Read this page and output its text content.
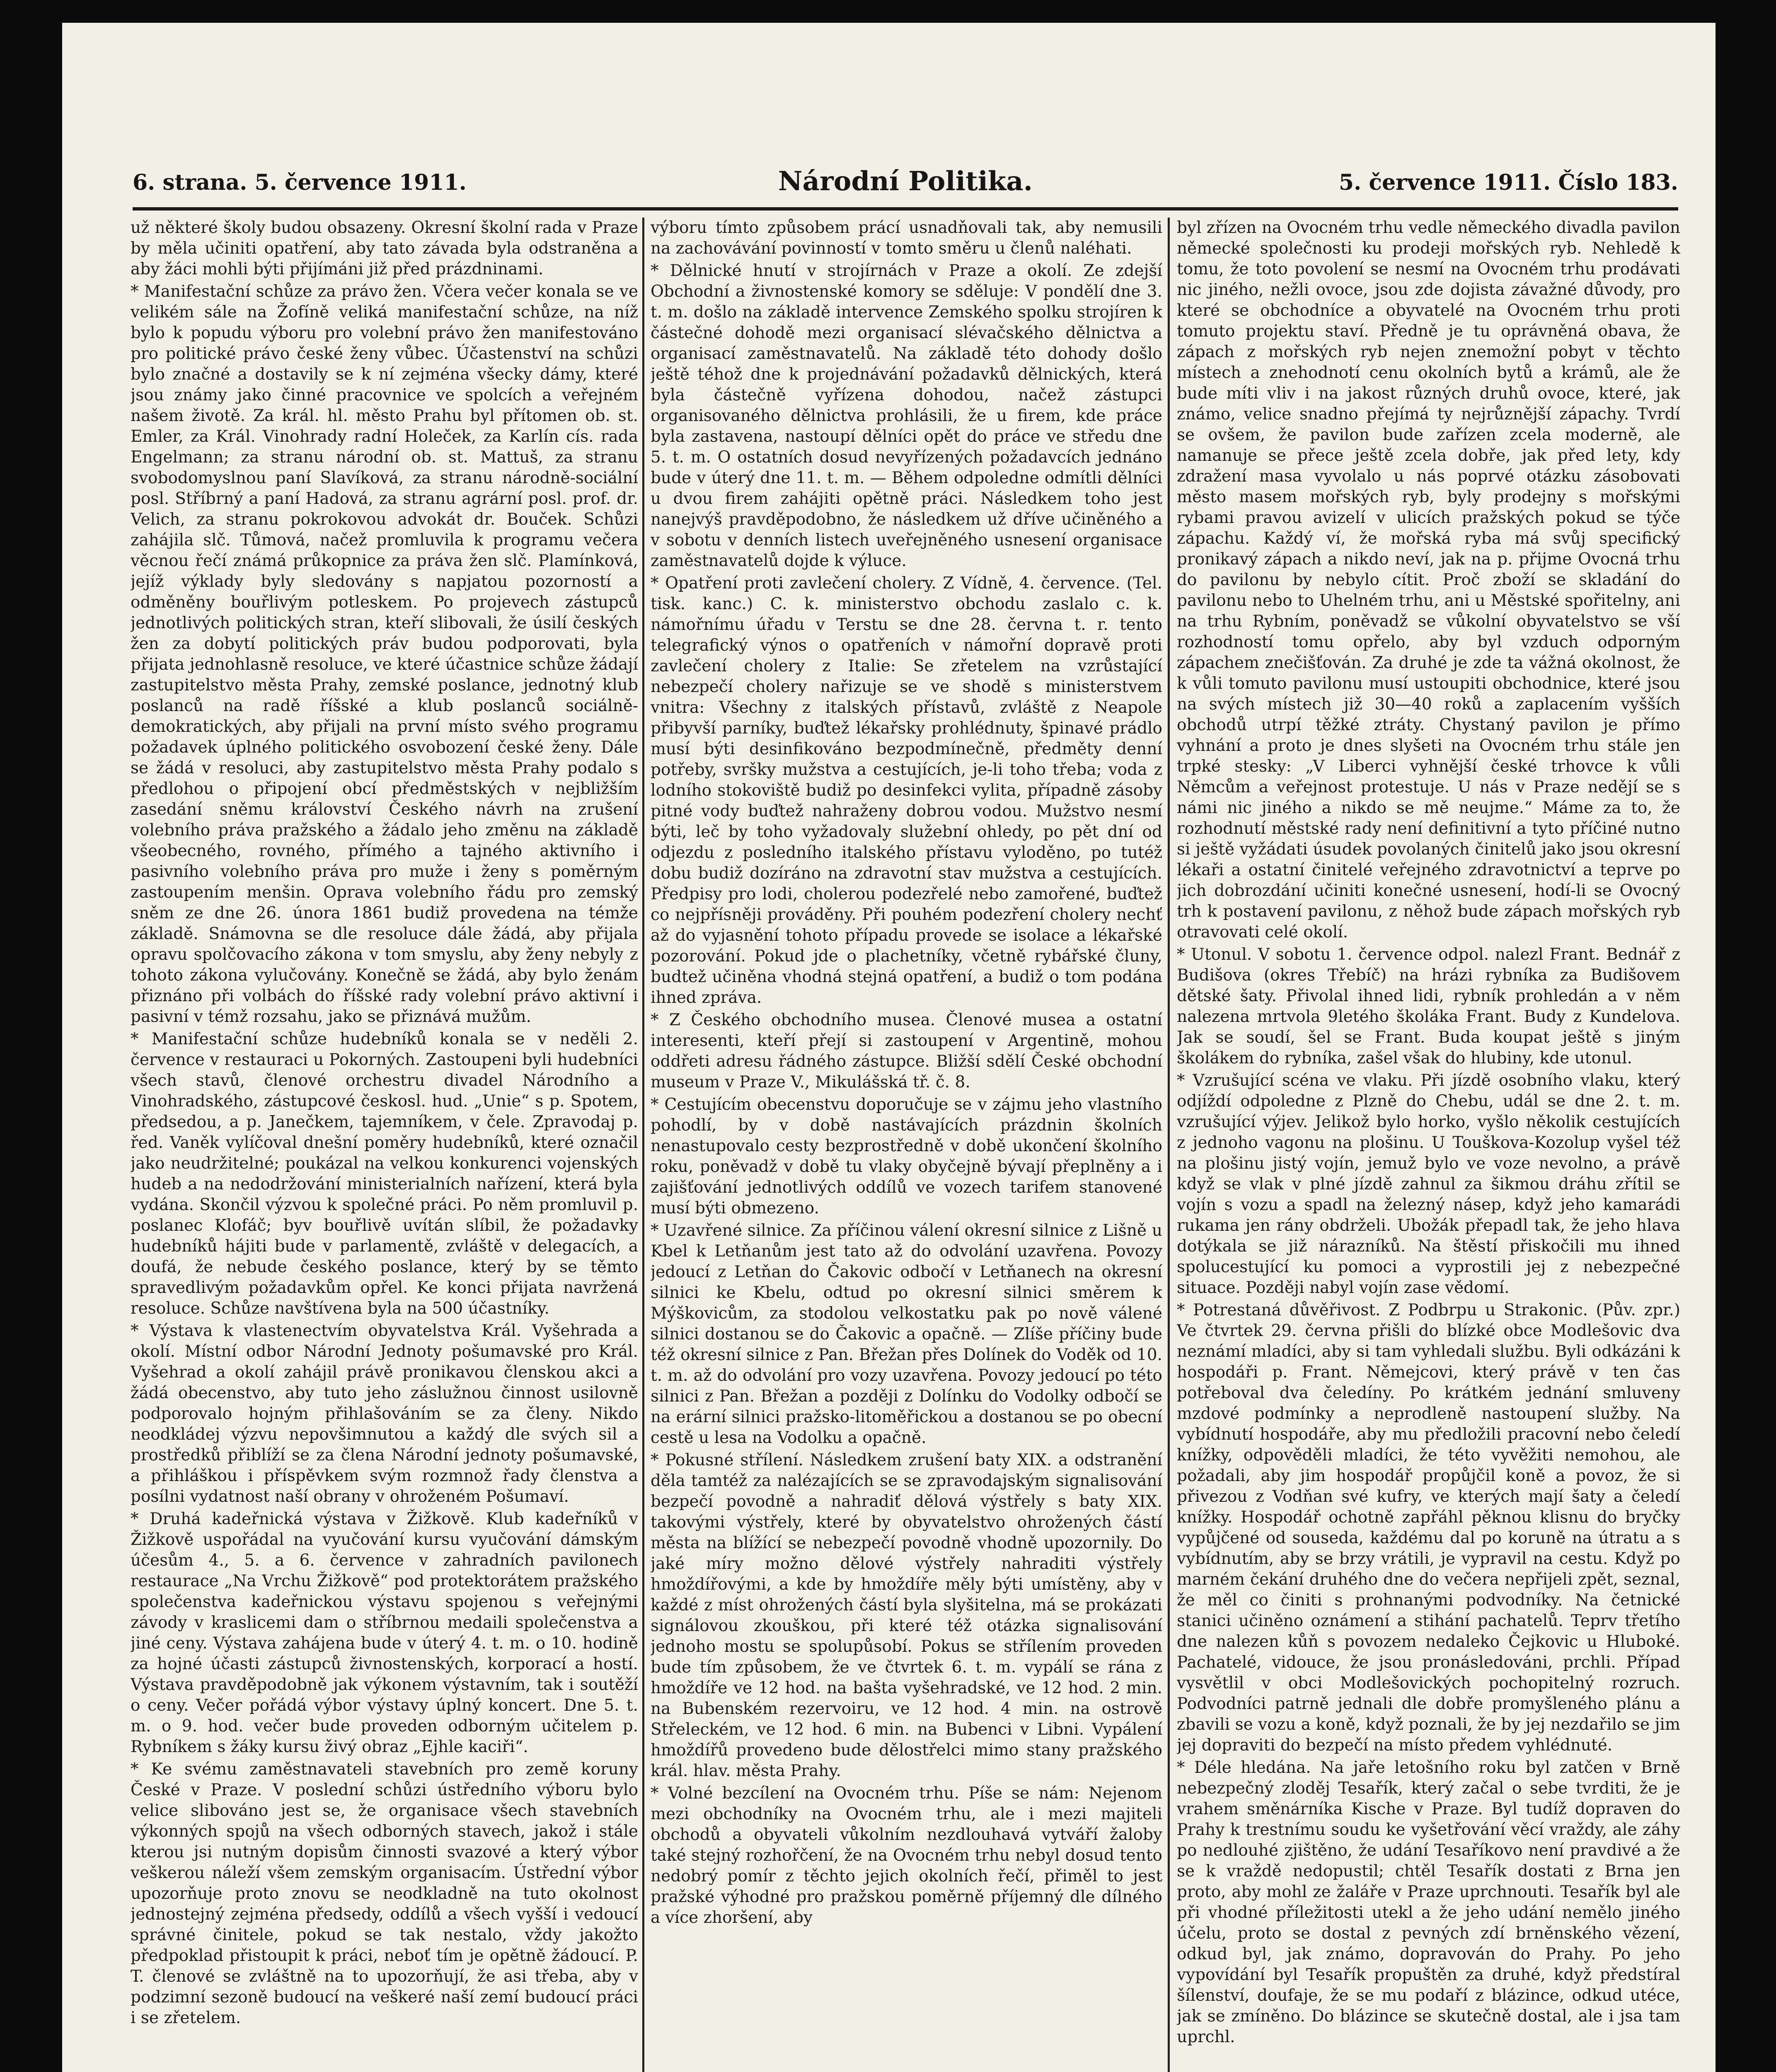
6. strana. 5. července 1911.	Národní Politika.	5. července 1911. Číslo 183.

už některé školy budou obsazeny. Okresní školní rada v Praze by měla učiniti opatření, aby tato závada byla odstraněna a aby žáci mohli býti přijímáni již před prázdninami.

* Manifestační schůze za právo žen. Včera večer konala se ve velikém sále na Žofíně veliká manifestační schůze, na níž bylo k popudu výboru pro volební právo žen manifestováno pro politické právo české ženy vůbec. Účastenství na schůzi bylo značné a dostavily se k ní zejména všecky dámy, které jsou známy jako činné pracovnice ve spolcích a veřejném našem životě. Za král. hl. město Prahu byl přítomen ob. st. Emler, za Král. Vinohrady radní Holeček, za Karlín cís. rada Engelmann; za stranu národní ob. st. Mattuš, za stranu svobodomyslnou paní Slavíková, za stranu národně-sociální posl. Stříbrný a paní Hadová, za stranu agrární posl. prof. dr. Velich, za stranu pokrokovou advokát dr. Bouček. Schůzi zahájila slč. Tůmová, načež promluvila k programu večera věcnou řečí známá průkopnice za práva žen slč. Plamínková, jejíž výklady byly sledovány s napjatou pozorností a odměněny bouřlivým potleskem. Po projevech zástupců jednotlivých politických stran, kteří slibovali, že úsilí českých žen za dobytí politických práv budou podporovati, byla přijata jednohlasně resoluce, ve které účastnice schůze žádají zastupitelstvo města Prahy, zemské poslance, jednotný klub poslanců na radě říšské a klub poslanců sociálně-demokratických, aby přijali na první místo svého programu požadavek úplného politického osvobození české ženy. Dále se žádá v resoluci, aby zastupitelstvo města Prahy podalo s předlohou o připojení obcí předměstských v nejbližším zasedání sněmu království Českého návrh na zrušení volebního práva pražského a žádalo jeho změnu na základě všeobecného, rovného, přímého a tajného aktivního i pasivního volebního práva pro muže i ženy s poměrným zastoupením menšin. Oprava volebního řádu pro zemský sněm ze dne 26. února 1861 budiž provedena na témže základě. Snámovna se dle resoluce dále žádá, aby přijala opravu spolčovacího zákona v tom smyslu, aby ženy nebyly z tohoto zákona vylučovány. Konečně se žádá, aby bylo ženám přiznáno při volbách do říšské rady volební právo aktivní i pasivní v témž rozsahu, jako se přiznává mužům.

* Manifestační schůze hudebníků konala se v neděli 2. července v restauraci u Pokorných. Zastoupeni byli hudebníci všech stavů, členové orchestru divadel Národního a Vinohradského, zástupcové českosl. hud. „Unie“ s p. Spotem, předsedou, a p. Janečkem, tajemníkem, v čele. Zpravodaj p. řed. Vaněk vylíčoval dnešní poměry hudebníků, které označil jako neudržitelné; poukázal na velkou konkurenci vojenských hudeb a na nedodržování ministerialních nařízení, která byla vydána. Skončil výzvou k společné práci. Po něm promluvil p. poslanec Klofáč; byv bouřlivě uvítán slíbil, že požadavky hudebníků hájiti bude v parlamentě, zvláště v delegacích, a doufá, že nebude českého poslance, který by se těmto spravedlivým požadavkům opřel. Ke konci přijata navržená resoluce. Schůze navštívena byla na 500 účastníky.

* Výstava k vlastenectvím obyvatelstva Král. Vyšehrada a okolí. Místní odbor Národní Jednoty pošumavské pro Král. Vyšehrad a okolí zahájil právě pronikavou členskou akci a žádá obecenstvo, aby tuto jeho záslužnou činnost usilovně podporovalo hojným přihlašováním se za členy. Nikdo neodkládej výzvu nepovšimnutou a každý dle svých sil a prostředků přiblíží se za člena Národní jednoty pošumavské, a přihláškou i příspěvkem svým rozmnož řady členstva a posílni vydatnost naší obrany v ohroženém Pošumaví.

* Druhá kadeřnická výstava v Žižkově. Klub kadeřníků v Žižkově uspořádal na vyučování kursu vyučování dámským účesům 4., 5. a 6. července v zahradních pavilonech restaurace „Na Vrchu Žižkově“ pod protektorátem pražského společenstva kadeřnickou výstavu spojenou s veřejnými závody v kraslicemi dam o stříbrnou medaili společenstva a jiné ceny. Výstava zahájena bude v úterý 4. t. m. o 10. hodině za hojné účasti zástupců živnostenských, korporací a hostí. Výstava pravděpodobně jak výkonem výstavním, tak i soutěží o ceny. Večer pořádá výbor výstavy úplný koncert. Dne 5. t. m. o 9. hod. večer bude proveden odborným učitelem p. Rybníkem s žáky kursu živý obraz „Ejhle kaciři“.

* Ke svému zaměstnavateli stavebních pro země koruny České v Praze. V poslední schůzi ústředního výboru bylo velice slibováno jest se, že organisace všech stavebních výkonných spojů na všech odborných stavech, jakož i stále kterou jsi nutným dopisům činnosti svazové a který výbor veškerou náleží všem zemským organisacím. Ústřední výbor upozorňuje proto znovu se neodkladně na tuto okolnost jednostejný zejména předsedy, oddílů a všech vyšší i vedoucí správné činitele, pokud se tak nestalo, vždy jakožto předpoklad přistoupit k práci, neboť tím je opětně žádoucí. P. T. členové se zvláštně na to upozorňují, že asi třeba, aby v podzimní sezoně budoucí na veškeré naší zemí budoucí práci i se zřetelem.

výboru tímto způsobem prácí usnadňovali tak, aby nemusili na zachovávání povinností v tomto směru u členů naléhati.

* Dělnické hnutí v strojírnách v Praze a okolí. Ze zdejší Obchodní a živnostenské komory se sděluje: V pondělí dne 3. t. m. došlo na základě intervence Zemského spolku strojíren k částečné dohodě mezi organisací slévačského dělnictva a organisací zaměstnavatelů. Na základě této dohody došlo ještě téhož dne k projednávání požadavků dělnických, která byla částečně vyřízena dohodou, načež zástupci organisovaného dělnictva prohlásili, že u firem, kde práce byla zastavena, nastoupí dělníci opět do práce ve středu dne 5. t. m. O ostatních dosud nevyřízených požadavcích jednáno bude v úterý dne 11. t. m. — Během odpoledne odmítli dělníci u dvou firem zahájiti opětně práci. Následkem toho jest nanejvýš pravděpodobno, že následkem už dříve učiněného a v sobotu v denních listech uveřejněného usnesení organisace zaměstnavatelů dojde k výluce.

* Opatření proti zavlečení cholery. Z Vídně, 4. července. (Tel. tisk. kanc.) C. k. ministerstvo obchodu zaslalo c. k. námořnímu úřadu v Terstu se dne 28. června t. r. tento telegrafický výnos o opatřeních v námořní dopravě proti zavlečení cholery z Italie: Se zřetelem na vzrůstající nebezpečí cholery nařizuje se ve shodě s ministerstvem vnitra: Všechny z italských přístavů, zvláště z Neapole přibyvší parníky, buďtež lékařsky prohlédnuty, špinavé prádlo musí býti desinfikováno bezpodmínečně, předměty denní potřeby, svršky mužstva a cestujících, je-li toho třeba; voda z lodního stokoviště budiž po desinfekci vylita, případně zásoby pitné vody buďtež nahraženy dobrou vodou. Mužstvo nesmí býti, leč by toho vyžadovaly služební ohledy, po pět dní od odjezdu z posledního italského přístavu vyloděno, po tutéž dobu budiž dozíráno na zdravotní stav mužstva a cestujících. Předpisy pro lodi, cholerou podezřelé nebo zamořené, buďtež co nejpřísněji prováděny. Při pouhém podezření cholery nechť až do vyjasnění tohoto případu provede se isolace a lékařské pozorování. Pokud jde o plachetníky, včetně rybářské čluny, budtež učiněna vhodná stejná opatření, a budiž o tom podána ihned zpráva.

* Z Českého obchodního musea. Členové musea a ostatní interesenti, kteří přejí si zastoupení v Argentině, mohou oddřeti adresu řádného zástupce. Bližší sdělí České obchodní museum v Praze V., Mikulášská tř. č. 8.

* Cestujícím obecenstvu doporučuje se v zájmu jeho vlastního pohodlí, by v době nastávajících prázdnin školních nenastupovalo cesty bezprostředně v době ukončení školního roku, poněvadž v době tu vlaky obyčejně bývají přeplněny a i zajišťování jednotlivých oddílů ve vozech tarifem stanovené musí býti obmezeno.

* Uzavřené silnice. Za příčinou válení okresní silnice z Lišně u Kbel k Letňanům jest tato až do odvolání uzavřena. Povozy jedoucí z Letňan do Čakovic odbočí v Letňanech na okresní silnici ke Kbelu, odtud po okresní silnici směrem k Mýškovicům, za stodolou velkostatku pak po nově válené silnici dostanou se do Čakovic a opačně. — Zlíše příčiny bude též okresní silnice z Pan. Břežan přes Dolínek do Voděk od 10. t. m. až do odvolání pro vozy uzavřena. Povozy jedoucí po této silnici z Pan. Břežan a později z Dolínku do Vodolky odbočí se na erární silnici pražsko-litoměřickou a dostanou se po obecní cestě u lesa na Vodolku a opačně.

* Pokusné střílení. Následkem zrušení baty XIX. a odstranění děla tamtéž za nalézajících se se zpravodajským signalisování bezpečí povodně a nahradiť dělová výstřely s baty XIX. takovými výstřely, které by obyvatelstvo ohrožených částí města na blížící se nebezpečí povodně vhodně upozornily. Do jaké míry možno dělové výstřely nahraditi výstřely hmoždířovými, a kde by hmoždíře měly býti umístěny, aby v každé z míst ohrožených částí byla slyšitelna, má se prokázati signálovou zkouškou, při které též otázka signalisování jednoho mostu se spolupůsobí. Pokus se střílením proveden bude tím způsobem, že ve čtvrtek 6. t. m. vypálí se rána z hmoždíře ve 12 hod. na bašta vyšehradské, ve 12 hod. 2 min. na Bubenském rezervoiru, ve 12 hod. 4 min. na ostrově Střeleckém, ve 12 hod. 6 min. na Bubenci v Libni. Vypálení hmoždířů provedeno bude dělostřelci mimo stany pražského král. hlav. města Prahy.

* Volné bezcílení na Ovocném trhu. Píše se nám: Nejenom mezi obchodníky na Ovocném trhu, ale i mezi majiteli obchodů a obyvateli vůkolním nezdlouhavá vytváří žaloby také stejný rozhořčení, že na Ovocném trhu nebyl dosud tento nedobrý pomír z těchto jejich okolních řečí, přiměl to jest pražské výhodné pro pražskou poměrně příjemný dle dílného a více zhoršení, aby

byl zřízen na Ovocném trhu vedle německého divadla pavilon německé společnosti ku prodeji mořských ryb. Nehledě k tomu, že toto povolení se nesmí na Ovocném trhu prodávati nic jiného, nežli ovoce, jsou zde dojista závažné důvody, pro které se obchodníce a obyvatelé na Ovocném trhu proti tomuto projektu staví. Předně je tu oprávněná obava, že zápach z mořských ryb nejen znemožní pobyt v těchto místech a znehodnotí cenu okolních bytů a krámů, ale že bude míti vliv i na jakost různých druhů ovoce, které, jak známo, velice snadno přejímá ty nejrůznější zápachy. Tvrdí se ovšem, že pavilon bude zařízen zcela moderně, ale namanuje se přece ještě zcela dobře, jak před lety, kdy zdražení masa vyvolalo u nás poprvé otázku zásobovati město masem mořských ryb, byly prodejny s mořskými rybami pravou avizelí v ulicích pražských pokud se týče zápachu. Každý ví, že mořská ryba má svůj specifický pronikavý zápach a nikdo neví, jak na p. přijme Ovocná trhu do pavilonu by nebylo cítit. Proč zboží se skladání do pavilonu nebo to Uhelném trhu, ani u Městské spořitelny, ani na trhu Rybním, poněvadž se vůkolní obyvatelstvo se vší rozhodností tomu opřelo, aby byl vzduch odporným zápachem znečišťován. Za druhé je zde ta vážná okolnost, že k vůli tomuto pavilonu musí ustoupiti obchodnice, které jsou na svých místech již 30—40 roků a zaplacením vyšších obchodů utrpí těžké ztráty. Chystaný pavilon je přímo vyhnání a proto je dnes slyšeti na Ovocném trhu stále jen trpké stesky: „V Liberci vyhnější české trhovce k vůli Němcům a veřejnost protestuje. U nás v Praze nedějí se s námi nic jiného a nikdo se mě neujme.“ Máme za to, že rozhodnutí městské rady není definitivní a tyto příčiné nutno si ještě vyžádati úsudek povolaných činitelů jako jsou okresní lékaři a ostatní činitelé veřejného zdravotnictví a teprve po jich dobrozdání učiniti konečné usnesení, hodí-li se Ovocný trh k postavení pavilonu, z něhož bude zápach mořských ryb otravovati celé okolí.

* Utonul. V sobotu 1. července odpol. nalezl Frant. Bednář z Budišova (okres Třebíč) na hrázi rybníka za Budišovem dětské šaty. Přivolal ihned lidi, rybník prohledán a v něm nalezena mrtvola 9letého školáka Frant. Budy z Kundelova. Jak se soudí, šel se Frant. Buda koupat ještě s jiným školákem do rybníka, zašel však do hlubiny, kde utonul.

* Vzrušující scéna ve vlaku. Při jízdě osobního vlaku, který odjíždí odpoledne z Plzně do Chebu, udál se dne 2. t. m. vzrušující výjev. Jelikož bylo horko, vyšlo několik cestujících z jednoho vagonu na plošinu. U Touškova-Kozolup vyšel též na plošinu jistý vojín, jemuž bylo ve voze nevolno, a právě když se vlak v plné jízdě zahnul za šikmou dráhu zřítil se vojín s vozu a spadl na železný násep, když jeho kamarádi rukama jen rány obdrželi. Ubožák přepadl tak, že jeho hlava dotýkala se již nárazníků. Na štěstí přiskočili mu ihned spolucestující ku pomoci a vyprostili jej z nebezpečné situace. Později nabyl vojín zase vědomí.

* Potrestaná důvěřivost. Z Podbrpu u Strakonic. (Pův. zpr.) Ve čtvrtek 29. června přišli do blízké obce Modlešovic dva neznámí mladíci, aby si tam vyhledali službu. Byli odkázáni k hospodáři p. Frant. Němejcovi, který právě v ten čas potřeboval dva čeledíny. Po krátkém jednání smluveny mzdové podmínky a neprodleně nastoupení služby. Na vybídnutí hospodáře, aby mu předložili pracovní nebo čeledí knížky, odpověděli mladíci, že této vyvěžiti nemohou, ale požadali, aby jim hospodář propůjčil koně a povoz, že si přivezou z Vodňan své kufry, ve kterých mají šaty a čeledí knížky. Hospodář ochotně zapřáhl pěknou klisnu do bryčky vypůjčené od souseda, každému dal po koruně na útratu a s vybídnutím, aby se brzy vrátili, je vypravil na cestu. Když po marném čekání druhého dne do večera nepřijeli zpět, seznal, že měl co činiti s prohnanými podvodníky. Na četnické stanici učiněno oznámení a stihání pachatelů. Teprv třetího dne nalezen kůň s povozem nedaleko Čejkovic u Hluboké. Pachatelé, vidouce, že jsou pronásledováni, prchli. Případ vysvětlil v obci Modlešovických pochopitelný rozruch. Podvodníci patrně jednali dle dobře promyšleného plánu a zbavili se vozu a koně, když poznali, že by jej nezdařilo se jim jej dopraviti do bezpečí na místo předem vyhlédnuté.

* Déle hledána. Na jaře letošního roku byl zatčen v Brně nebezpečný zloděj Tesařík, který začal o sebe tvrditi, že je vrahem směnárníka Kische v Praze. Byl tudíž dopraven do Prahy k trestnímu soudu ke vyšetřování věcí vraždy, ale záhy po nedlouhé zjištěno, že udání Tesaříkovo není pravdivé a že se k vraždě nedopustil; chtěl Tesařík dostati z Brna jen proto, aby mohl ze žaláře v Praze uprchnouti. Tesařík byl ale při vhodné příležitosti utekl a že jeho udání nemělo jiného účelu, proto se dostal z pevných zdí brněnského vězení, odkud byl, jak známo, dopravován do Prahy. Po jeho vypovídání byl Tesařík propuštěn za druhé, když předstíral šílenství, doufaje, že se mu podaří z blázince, odkud utéce, jak se zmíněno. Do blázince se skutečně dostal, ale i jsa tam uprchl.
